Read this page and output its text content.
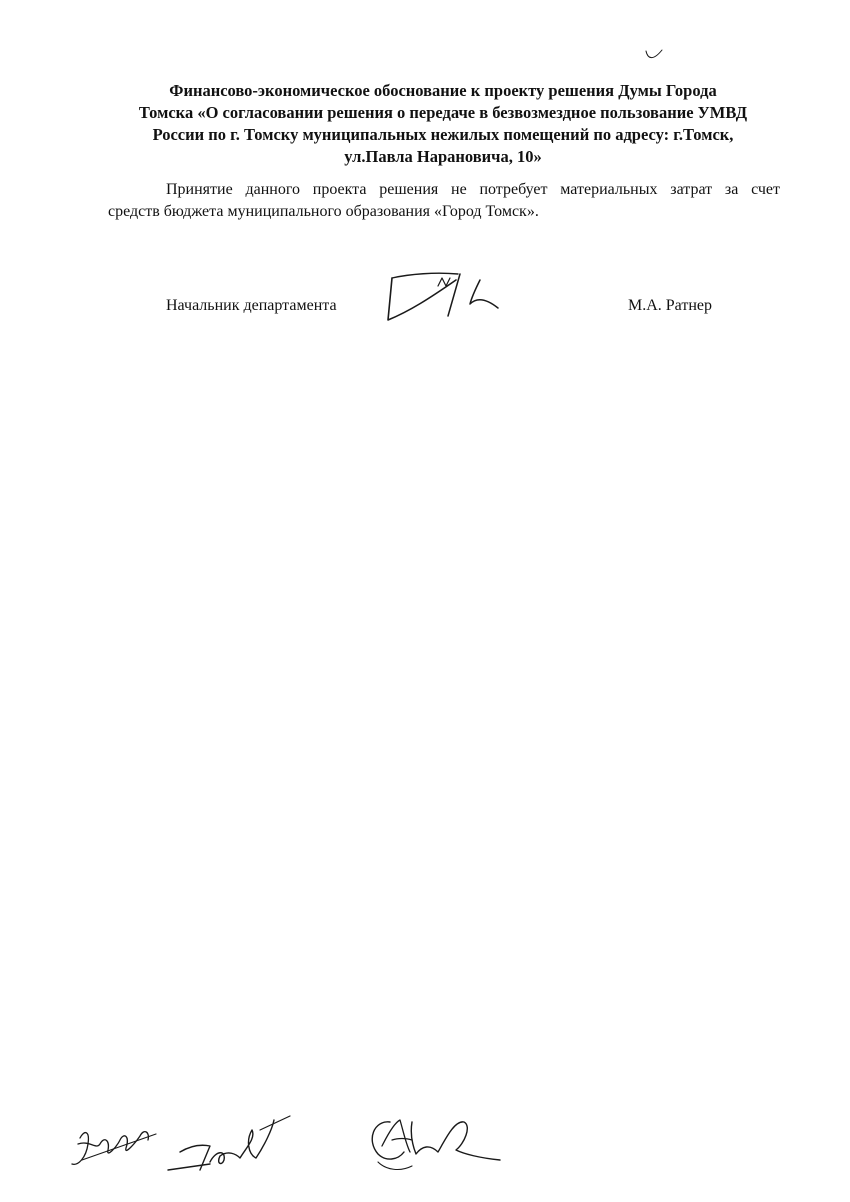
Финансово-экономическое обоснование к проекту решения Думы Города
Томска «О согласовании решения о передаче в безвозмездное пользование УМВД
России по г. Томску муниципальных нежилых помещений по адресу: г.Томск,
ул.Павла Нарановича, 10»
Принятие данного проекта решения не потребует материальных затрат за счет
средств бюджета муниципального образования «Город Томск».
Начальник департамента	М.А. Ратнер
